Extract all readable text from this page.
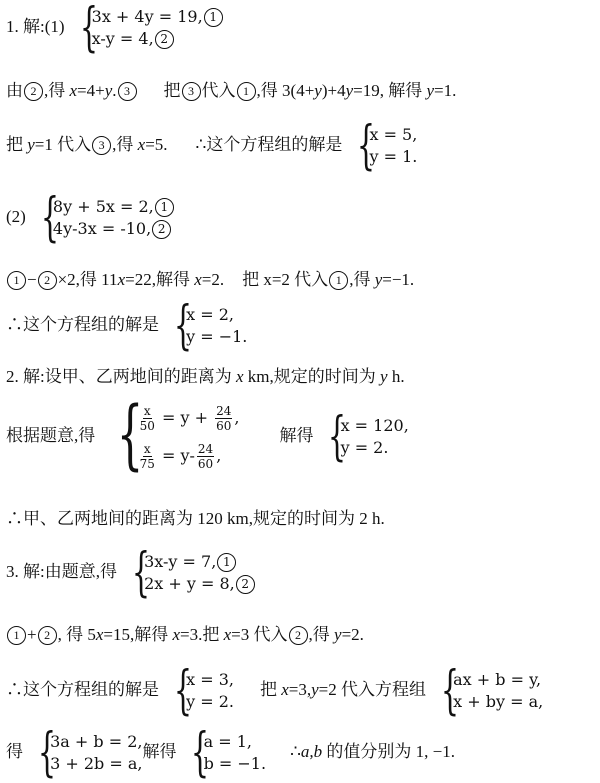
1. 解:(1) {
3x + 4y = 19, 1
x-y = 4, 2
由 2 ,得 x=4+y. 3 把 3 代入 1 ,得 3(4+y)+4y=19, 解得 y=1.
把 y=1 代入 3 ,得 x=5. ∴这个方程组的解是 {
x = 5,
y = 1.
(2) {
8y + 5x = 2, 1
4y-3x = -10, 2
1 − 2 ×2,得 11x=22,解得 x=2. 把 x=2 代入 1 ,得 y=−1.
∴这个方程组的解是 {
x = 2,
y = −1.
2. 解:设甲、乙两地间的距离为 x km,规定的时间为 y h.
根据题意,得 {
$\frac{x}{50} = y + \frac{24}{60}$ ,
$\frac{x}{75} = y- \frac{24}{60}$ ,
解得 {
x = 120,
y = 2.
∴甲、乙两地间的距离为 120 km,规定的时间为 2 h.
3. 解:由题意,得 {
3x-y = 7, 1
2x + y = 8, 2
1 + 2 , 得 5x=15,解得 x=3.把 x=3 代入 2 ,得 y=2.
∴这个方程组的解是 {
x = 3,
y = 2.
把 x=3,y=2 代入方程组 {
ax + b = y,
x + by = a,
得 {
3a + b = 2,
3 + 2b = a,
解得 {
a = 1,
b = −1.
∴a,b 的值分别为 1, −1.
